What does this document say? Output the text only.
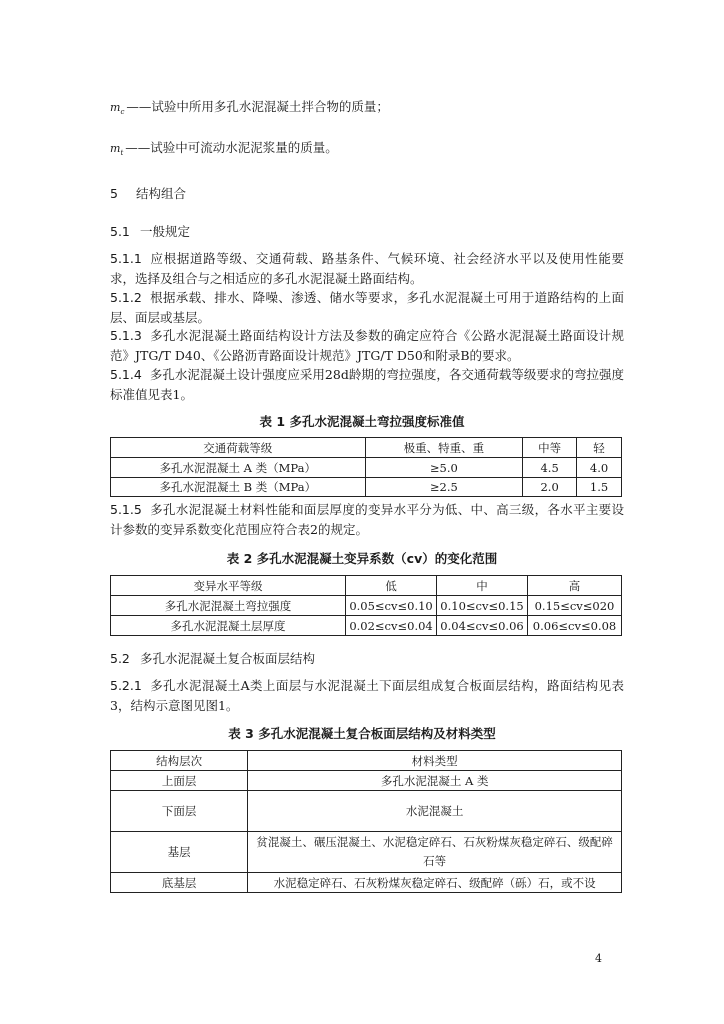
$m_c$ ——试验中所用多孔水泥混凝土拌合物的质量；
$m_t$ ——试验中可流动水泥泥浆量的质量。
5 结构组合
5.1 一般规定
5.1.1 应根据道路等级、交通荷载、路基条件、气候环境、社会经济水平以及使用性能要求，选择及组合与之相适应的多孔水泥混凝土路面结构。
5.1.2 根据承载、排水、降噪、渗透、储水等要求，多孔水泥混凝土可用于道路结构的上面层、面层或基层。
5.1.3 多孔水泥混凝土路面结构设计方法及参数的确定应符合《公路水泥混凝土路面设计规范》JTG/T D40、《公路沥青路面设计规范》JTG/T D50和附录B的要求。
5.1.4 多孔水泥混凝土设计强度应采用28d龄期的弯拉强度，各交通荷载等级要求的弯拉强度标准值见表1。
表 1 多孔水泥混凝土弯拉强度标准值
交通荷载等级	极重、特重、重	中等	轻
多孔水泥混凝土 A 类（MPa）	≥5.0	4.5	4.0
多孔水泥混凝土 B 类（MPa）	≥2.5	2.0	1.5
5.1.5 多孔水泥混凝土材料性能和面层厚度的变异水平分为低、中、高三级，各水平主要设计参数的变异系数变化范围应符合表2的规定。
表 2 多孔水泥混凝土变异系数（cv）的变化范围
变异水平等级	低	中	高
多孔水泥混凝土弯拉强度	0.05≤cv≤0.10	0.10≤cv≤0.15	0.15≤cv≤020
多孔水泥混凝土层厚度	0.02≤cv≤0.04	0.04≤cv≤0.06	0.06≤cv≤0.08
5.2 多孔水泥混凝土复合板面层结构
5.2.1 多孔水泥混凝土A类上面层与水泥混凝土下面层组成复合板面层结构，路面结构见表3，结构示意图见图1。
表 3 多孔水泥混凝土复合板面层结构及材料类型
结构层次	材料类型
上面层	多孔水泥混凝土 A 类
下面层	水泥混凝土
基层	贫混凝土、碾压混凝土、水泥稳定碎石、石灰粉煤灰稳定碎石、级配碎石等
底基层	水泥稳定碎石、石灰粉煤灰稳定碎石、级配碎（砾）石，或不设
4
